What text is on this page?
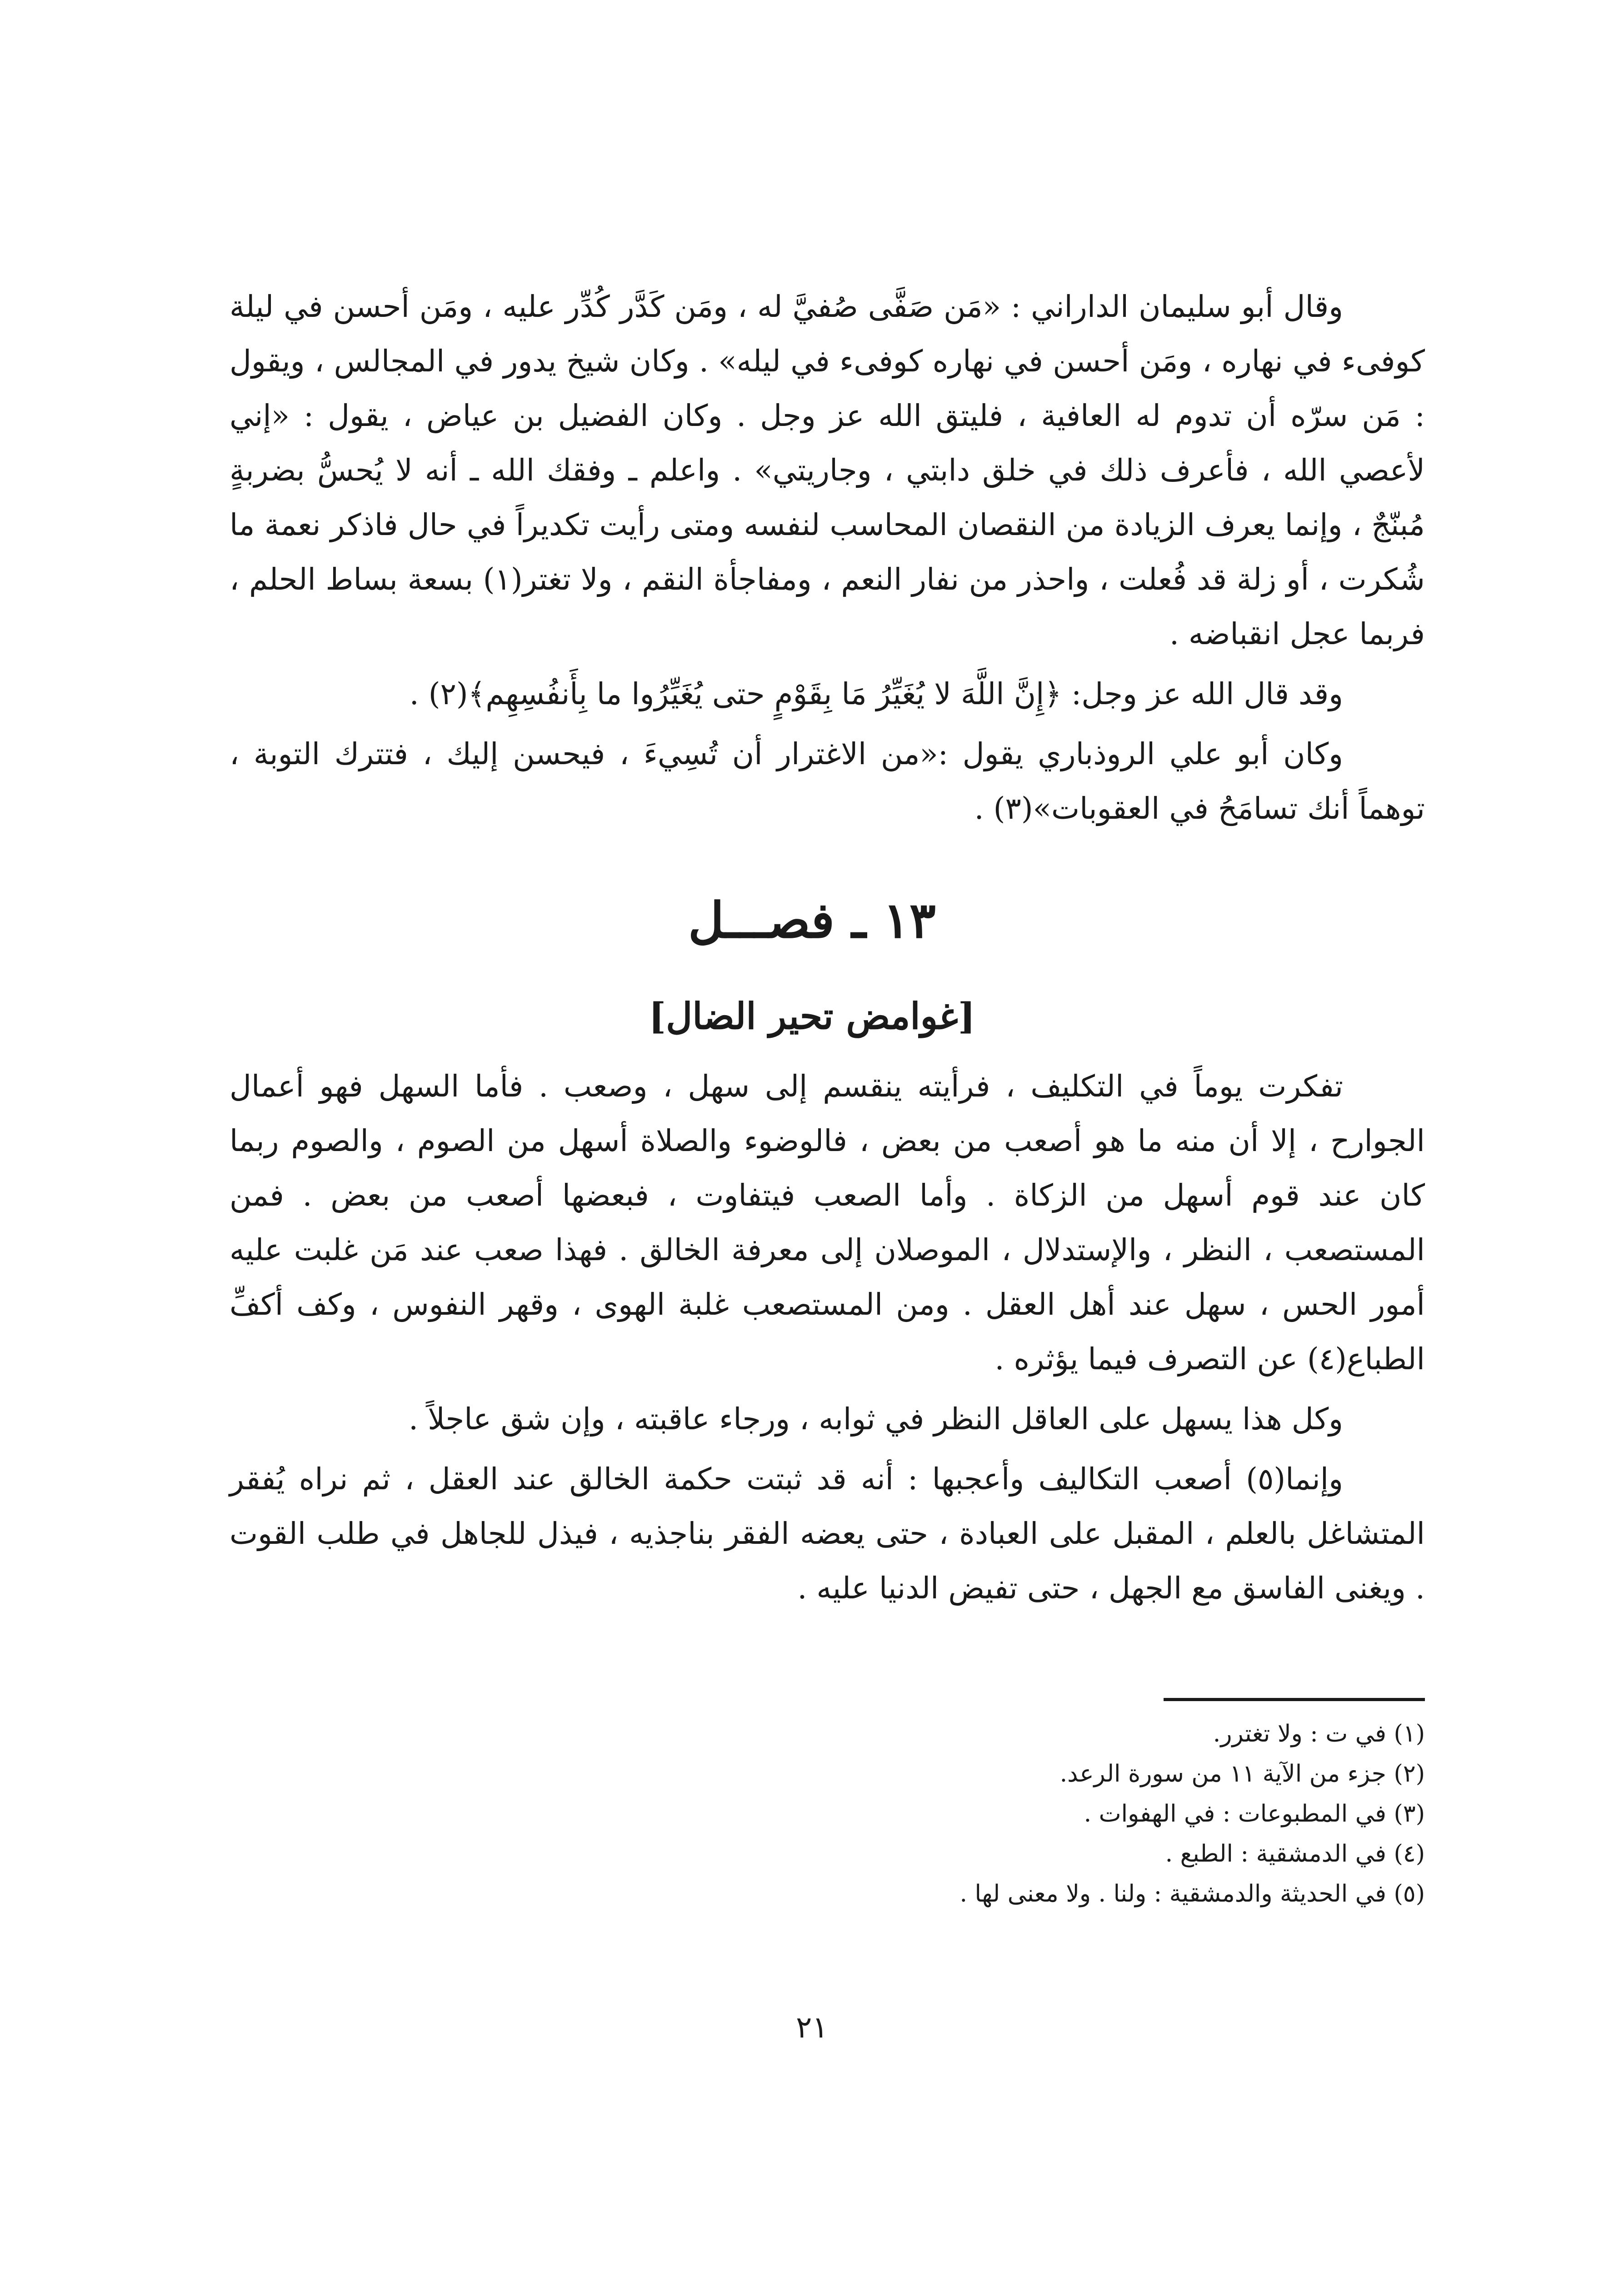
وقال أبو سليمان الداراني : «مَن صَفَّى صُفيَّ له ، ومَن كَدَّر كُدِّر عليه ، ومَن أحسن في ليلة كوفىء في نهاره ، ومَن أحسن في نهاره كوفىء في ليله» . وكان شيخ يدور في المجالس ، ويقول : مَن سرّه أن تدوم له العافية ، فليتق الله عز وجل . وكان الفضيل بن عياض ، يقول : «إني لأعصي الله ، فأعرف ذلك في خلق دابتي ، وجاريتي» . واعلم ـ وفقك الله ـ أنه لا يُحسُّ بضربةٍ مُبنّجٌ ، وإنما يعرف الزيادة من النقصان المحاسب لنفسه ومتى رأيت تكديراً في حال فاذكر نعمة ما شُكرت ، أو زلة قد فُعلت ، واحذر من نفار النعم ، ومفاجأة النقم ، ولا تغتر(١) بسعة بساط الحلم ، فربما عجل انقباضه .

وقد قال الله عز وجل: ﴿إِنَّ اللَّهَ لا يُغَيِّرُ مَا بِقَوْمٍ حتى يُغَيِّرُوا ما بِأَنفُسِهِم﴾(٢) .

وكان أبو علي الروذباري يقول :«من الاغترار أن تُسِيءَ ، فيحسن إليك ، فتترك التوبة ، توهماً أنك تسامَحُ في العقوبات»(٣) .

١٣ ـ فصـــل
[غوامض تحير الضال]

تفكرت يوماً في التكليف ، فرأيته ينقسم إلى سهل ، وصعب . فأما السهل فهو أعمال الجوارح ، إلا أن منه ما هو أصعب من بعض ، فالوضوء والصلاة أسهل من الصوم ، والصوم ربما كان عند قوم أسهل من الزكاة . وأما الصعب فيتفاوت ، فبعضها أصعب من بعض . فمن المستصعب ، النظر ، والإستدلال ، الموصلان إلى معرفة الخالق . فهذا صعب عند مَن غلبت عليه أمور الحس ، سهل عند أهل العقل . ومن المستصعب غلبة الهوى ، وقهر النفوس ، وكف أكفِّ الطباع(٤) عن التصرف فيما يؤثره .

وكل هذا يسهل على العاقل النظر في ثوابه ، ورجاء عاقبته ، وإن شق عاجلاً .

وإنما(٥) أصعب التكاليف وأعجبها : أنه قد ثبتت حكمة الخالق عند العقل ، ثم نراه يُفقر المتشاغل بالعلم ، المقبل على العبادة ، حتى يعضه الفقر بناجذيه ، فيذل للجاهل في طلب القوت . ويغنى الفاسق مع الجهل ، حتى تفيض الدنيا عليه .

(١) في ت : ولا تغترر.

(٢) جزء من الآية ١١ من سورة الرعد.

(٣) في المطبوعات : في الهفوات .

(٤) في الدمشقية : الطبع .

(٥) في الحديثة والدمشقية : ولنا . ولا معنى لها .

٢١
